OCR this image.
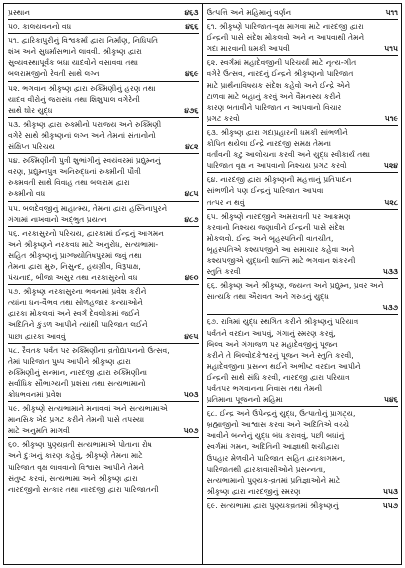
પ્રસ્થાન	૪૬૩
૫૦. કાલયવનનો વધ	૪૬૬
૫૧. દ્વારિકાપુરીનું વિશ્વકર્મા દ્વારા નિર્માણ, નિધિપતિ
શંખ અને સુધર્માસભાને લાવવી. શ્રીકૃષ્ણ દ્વારા
સુવ્યવસ્થાપૂર્વક બધા યાદવોને વસાવવા તથા
બલરામજીનો રેવતી સાથે લગ્ન	૪૬૯
૫૨. ભગવાન શ્રીકૃષ્ણ દ્વારા રુક્મિણીનું હરણ તથા
યાદવ વીરોનું જરાસંધ તથા શિશુપાલ વગેરેની
સાથે ઘોર યુદ્ધ	૪૭૬
૫૩. શ્રીકૃષ્ણ દ્વારા રુક્મીનો પરાજય અને રુક્મિણી
વગેરે સાથે શ્રીકૃષ્ણનાં લગ્ન અને તેમનાં સંતાનોનો
સંક્ષિપ્ત પરિચય	૪૮૨
૫૪. રુક્મિણીની પુત્રી શુભાંગીનું સ્વયંવરમાં પ્રદ્યુમ્નનું
વરણ, પ્રદ્યુમ્નપુત્ર અનિરુદ્ધનાં રુક્મીની પૌત્રી
રુક્મવતી સાથે વિવાહ તથા બલરામ દ્વારા
રુક્મીનો વધ	૪૮૫
૫૫. બલદેવજીનું માહાત્મ્ય, તેમના દ્વારા હસ્તિનાપુરને
ગંગામાં નાખવાનો અદ્ભુત પ્રયત્ન	૪૮૭
૫૬. નરકાસુરનો પરિચય, દ્વારકામાં ઈન્દ્રનું આગમન
અને શ્રીકૃષ્ણને નરકવધ માટે અનુરોધ, સત્યભામા-
સહિત શ્રીકૃષ્ણનું પ્રાગ્જ્યોતિષપુરમાં જવું તથા
તેમના દ્વારા મુરુ, નિસુન્દ, હયગ્રીવ, વિરૂપાક્ષ,
પંચનાદ, બીજા અસુર તથા નરકાસુરનો વધ	૪૯૦
૫૭. શ્રીકૃષ્ણ નરકાસુરના ભવનમાં પ્રવેશ કરીને
ત્યાંના ધન-વૈભવ તથા સોળહજાર કન્યાઓને
દ્વારકા મોકલવાં અને સ્વર્ગ દેવલોકમાં જઈને
અદિતિને કુંડળ આપીને ત્યાંથી પારિજાત લઈને
પાછા દ્વારકા આવવું	૪૯૫
૫૮. રૈવતક પર્વત પર રુક્મિણીના વ્રતોદ્યાપનનો ઉત્સવ,
તેમાં પારિજાત પુષ્પ આપીને શ્રીકૃષ્ણ દ્વારા
રુક્મિણીનું સન્માન, નારદજી દ્વારા રુક્મિણીના
સર્વાધિક સૌભાગ્યની પ્રશંસા તથા સત્યભામાનો
ક્રોધભવનમાં પ્રવેશ	૫૦૩
૫૯. શ્રીકૃષ્ણે સત્યભામાને મનાવવાં અને સત્યભામાએ
માનસિક ખેદ પ્રગટ કરીને તેમની પાસે તપસ્યા
માટે અનુમતિ માગવી	૫૦૭
૬૦. શ્રીકૃષ્ણ પુણ્યવ્રતી સત્યભામાએ પોતાના રોષ
અને દુઃખનું કારણ કહેવું, શ્રીકૃષ્ણે તેમના માટે
પારિજાત વૃક્ષ લાવવાનો વિશ્વાસ આપીને તેમને
સંતુષ્ટ કરવાં, સત્યભામા અને શ્રીકૃષ્ણ દ્વારા
નારદજીનો સત્કાર તથા નારદજી દ્વારા પારિજાતની
ઉત્પત્તિ અને મહિમાનું વર્ણન	૫૧૧
૬૧. શ્રીકૃષ્ણે પારિજાત-વૃક્ષ માગવા માટે નારદજી દ્વારા
ઈન્દ્રની પાસે સંદેશ મોકલવો અને ન આપવાથી તેમને
ગદા મારવાની ધમકી આપવી	૫૧૫
૬૨. સ્વર્ગમાં મહાદેવજીની પરિચર્યા માટે નૃત્ય-ગીત
વગેરે ઉત્સવ, નારદનું ઈન્દ્રને શ્રીકૃષ્ણનો પારિજાત
માટે પ્રાર્થનાવિષયક સંદેશ કહેવો અને ઈન્દ્રે એને
ટાળવા માટે બહાનું કરવું અને વૈમનસ્ય કરીને
કારણ બતાવીને પારિજાત ન આપવાનો વિચાર
પ્રગટ કરવો	૫૧૯
૬૩. શ્રીકૃષ્ણ દ્વારા ગદાપ્રહારની ધમકી સાંભળીને
કોપિત થયેલા ઈન્દ્રે નારદજી સમક્ષ તેમના
વર્તાવની કટુ આલોચના કરવી અને યુદ્ધ સ્વીકાર્ય તથા
પારિજાત વૃક્ષ ન આપવાનો નિશ્ચય પ્રગટ કરવો	૫૨૪
૬૪. નારદજી દ્વારા શ્રીકૃષ્ણની મહત્તાનું પ્રતિપાદન
સાંભળીને પણ ઈન્દ્રનું પારિજાત આપવા
તત્પર ન થવું	૫૨૮
૬૫. શ્રીકૃષ્ણે નારદજીને અમરાવતી પર આક્રમણ
કરવાનો નિશ્ચય જણાવીને ઈન્દ્રની પાસે સંદેશ
મોકલવો. ઈન્દ્ર અને બૃહસ્પતિની વાતચીત,
બૃહસ્પતિએ કશ્યપજીને આ સમાચાર કહેવા અને
કશ્યપજીએ યુદ્ધની શાન્તિ માટે ભગવાન શંકરની
સ્તુતિ કરવી	૫૩૩
૬૬. શ્રીકૃષ્ણ અને શ્રીકૃષ્ણ, જયન્ત અને પ્રદ્યુમ્ન, પ્રવર અને
સાત્યકિ તથા ઐરાવત અને ગરુડનું યુદ્ધ
૫૩૭
૬૭. રાત્રિમાં યુદ્ધ સ્થગિત કરીને શ્રીકૃષ્ણનું પરિયાત્ર
પર્વતને વરદાન આપવું, ગંગાનું સ્મરણ કરવું,
બિલ્વ અને ગંગાજળ પર મહાદેવજીનું પૂજન
કરીને તે બિલ્વોદકેશ્વરનું પૂજન અને સ્તુતિ કરવી,
મહાદેવજીના પ્રસન્ન થઈને અભીષ્ટ વરદાન આપીને
ઈન્દ્રની સાથે સંધિ કરવી, નારદજી દ્વારા પરિયાત્ર
પર્વતપર ભગવાનના નિવાસ તથા તેમની
પ્રતિમાના પૂજનનો મહિમા	૫૪૬
૬૮. ઈન્દ્ર અને ઉપેન્દ્રનું યુદ્ધ, ઉત્પાતોનું પ્રાગટ્ય,
બ્રહ્માજીનો આશ્વાસ કરવા અને અદિતિએ વચ્ચે
આવીને બન્નેનું યુદ્ધ બંધ કરાવવું, પછી બધાંનું
સ્વર્ગમાં ગમન, અદિતિની આજ્ઞાથી શચીદ્વારા
ઉપહાર મેળવીને પારિજાત સહિત દ્વારકાગમન,
પારિજાતથી દ્વારકાવાસીઓને પ્રસન્નતા,
સત્યભામાનો પુણ્યક-વ્રતમાં પ્રતિજ્ઞાઓને માટે
શ્રીકૃષ્ણ દ્વારા નારદજીનું સ્મરણ	૫૫૩
૬૯. સત્યભામા દ્વારા પુણ્યકવ્રતમાં શ્રીકૃષ્ણનું	૫૫૭
